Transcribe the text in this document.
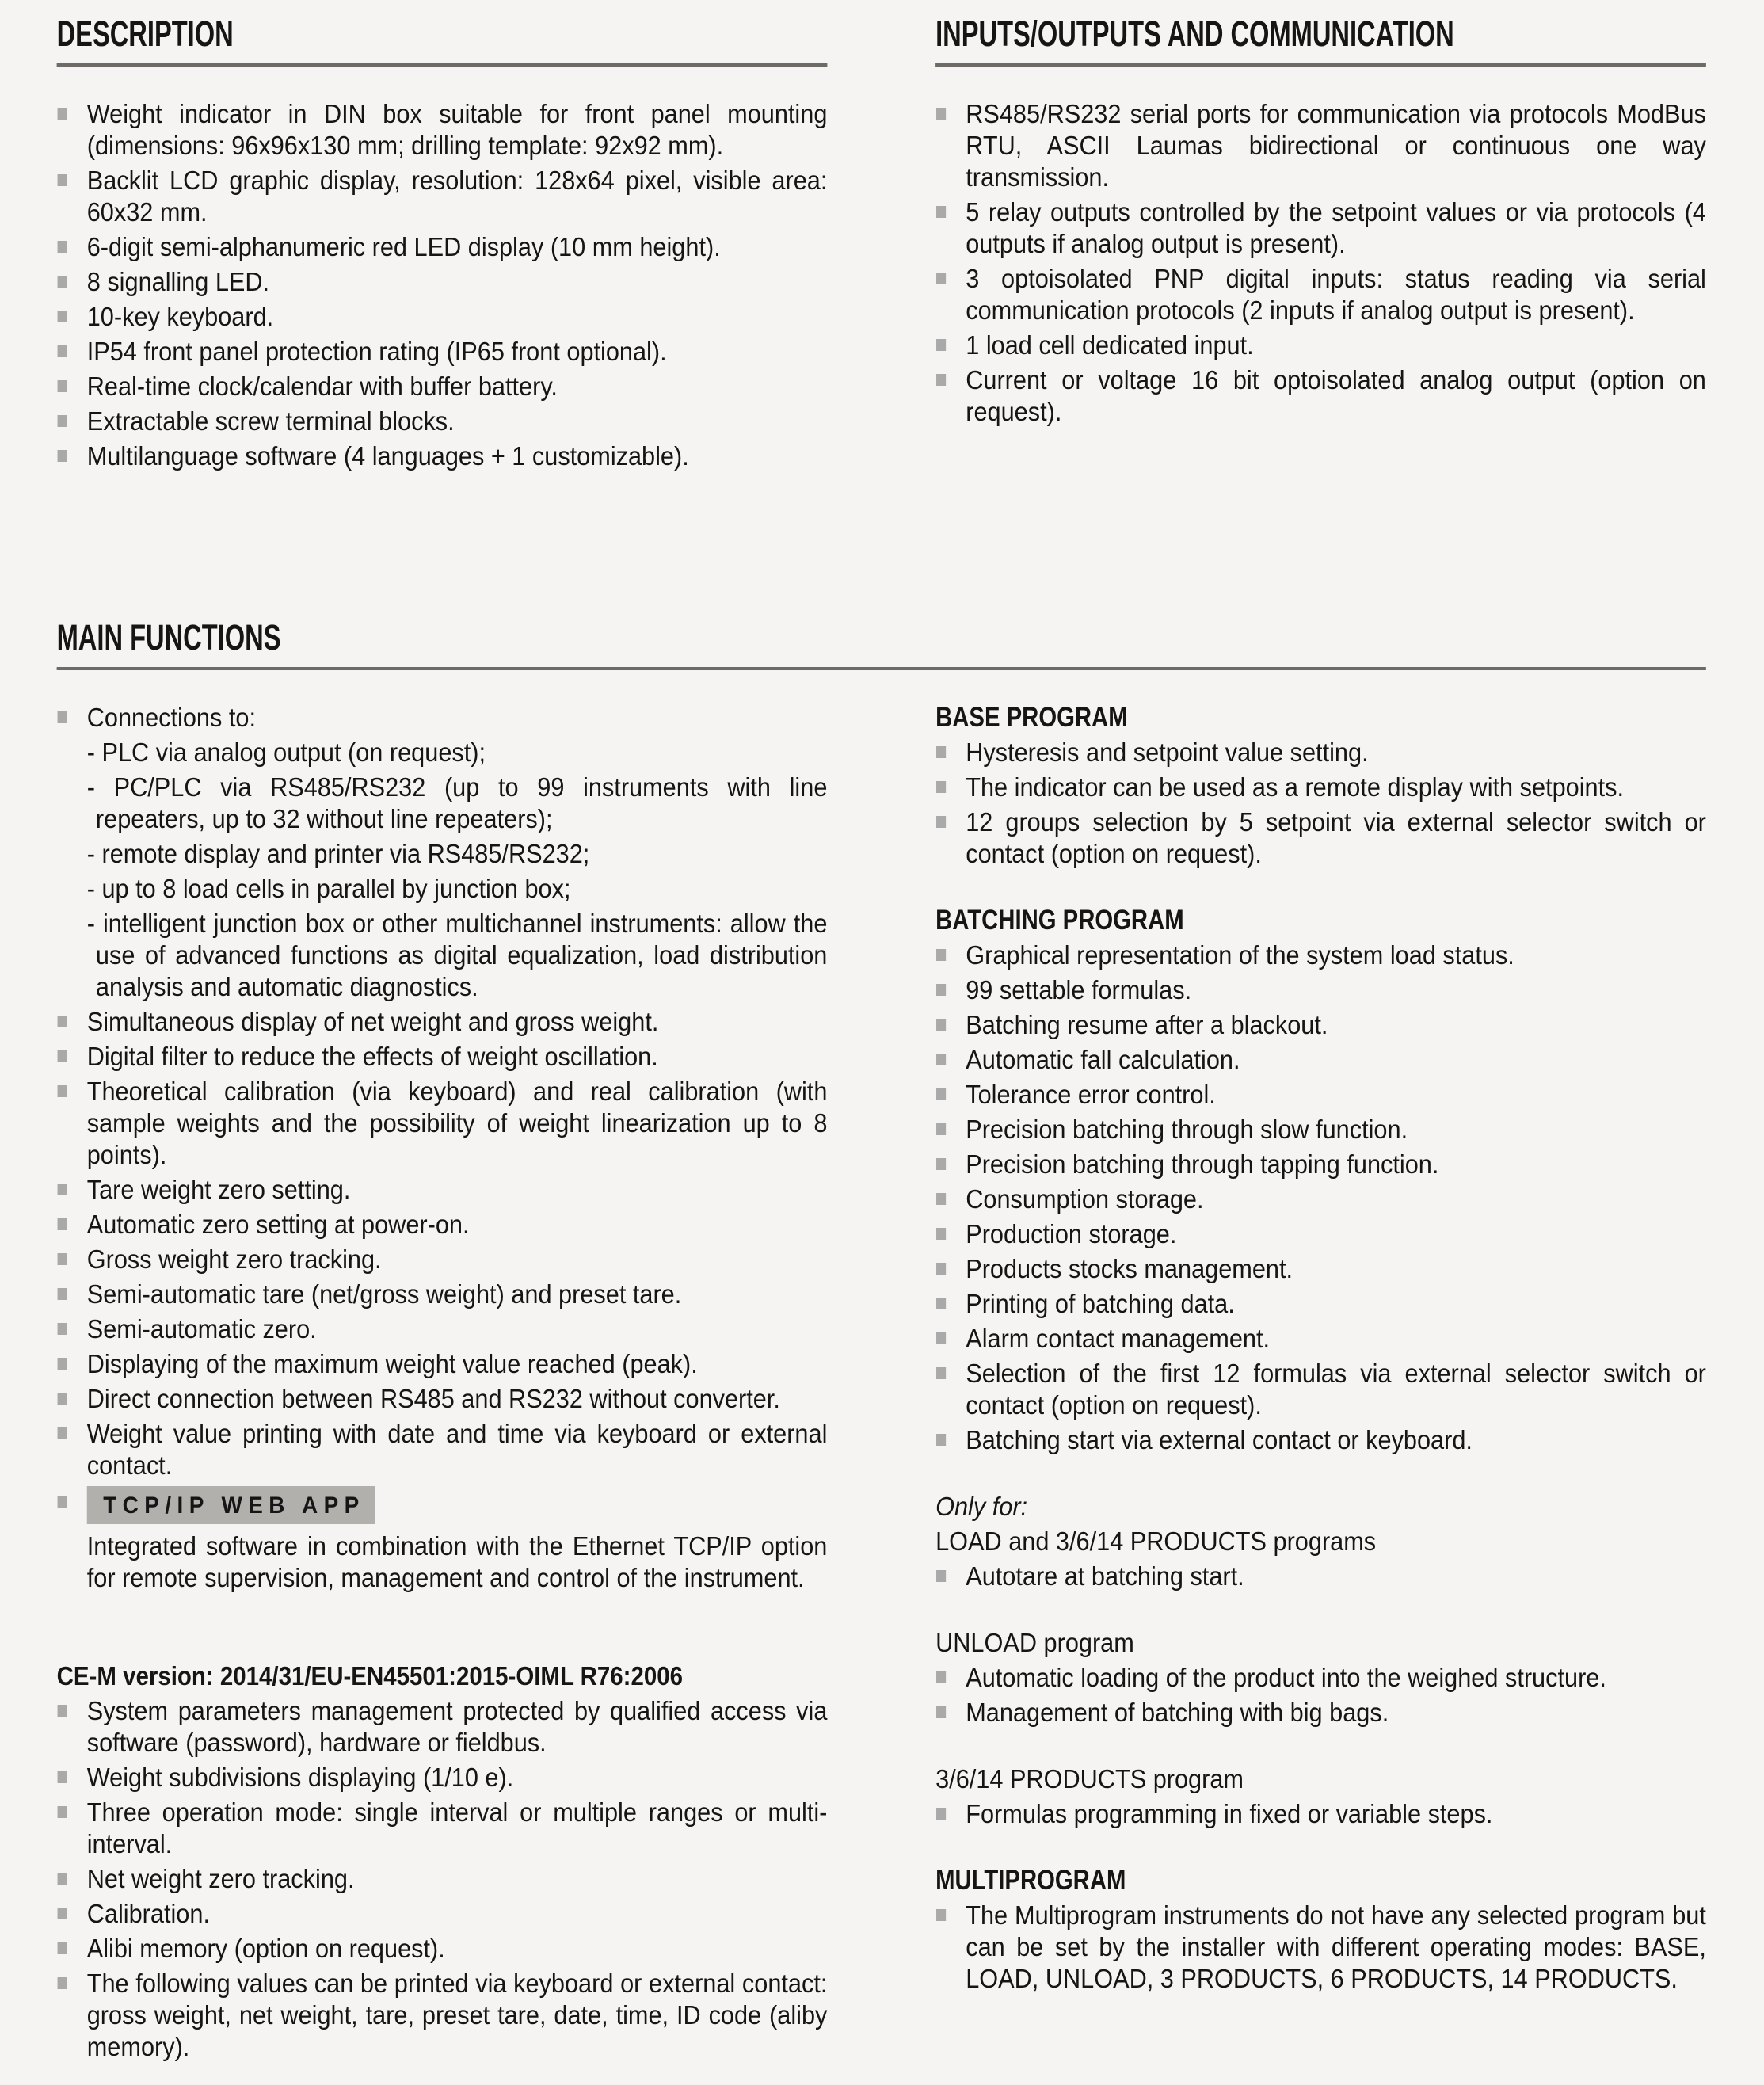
DESCRIPTION
Weight indicator in DIN box suitable for front panel mounting (dimensions: 96x96x130 mm; drilling template: 92x92 mm).
Backlit LCD graphic display, resolution: 128x64 pixel, visible area: 60x32 mm.
6-digit semi-alphanumeric red LED display (10 mm height).
8 signalling LED.
10-key keyboard.
IP54 front panel protection rating (IP65 front optional).
Real-time clock/calendar with buffer battery.
Extractable screw terminal blocks.
Multilanguage software (4 languages + 1 customizable).
INPUTS/OUTPUTS AND COMMUNICATION
RS485/RS232 serial ports for communication via protocols ModBus RTU, ASCII Laumas bidirectional or continuous one way transmission.
5 relay outputs controlled by the setpoint values or via protocols (4 outputs if analog output is present).
3 optoisolated PNP digital inputs: status reading via serial communication protocols (2 inputs if analog output is present).
1 load cell dedicated input.
Current or voltage 16 bit optoisolated analog output (option on request).
MAIN FUNCTIONS
Connections to:
- PLC via analog output (on request);
- PC/PLC via RS485/RS232 (up to 99 instruments with line repeaters, up to 32 without line repeaters);
- remote display and printer via RS485/RS232;
- up to 8 load cells in parallel by junction box;
- intelligent junction box or other multichannel instruments: allow the use of advanced functions as digital equalization, load distribution analysis and automatic diagnostics.
Simultaneous display of net weight and gross weight.
Digital filter to reduce the effects of weight oscillation.
Theoretical calibration (via keyboard) and real calibration (with sample weights and the possibility of weight linearization up to 8 points).
Tare weight zero setting.
Automatic zero setting at power-on.
Gross weight zero tracking.
Semi-automatic tare (net/gross weight) and preset tare.
Semi-automatic zero.
Displaying of the maximum weight value reached (peak).
Direct connection between RS485 and RS232 without converter.
Weight value printing with date and time via keyboard or external contact.
TCP/IP WEB APP
Integrated software in combination with the Ethernet TCP/IP option for remote supervision, management and control of the instrument.
CE-M version: 2014/31/EU-EN45501:2015-OIML R76:2006
System parameters management protected by qualified access via software (password), hardware or fieldbus.
Weight subdivisions displaying (1/10 e).
Three operation mode: single interval or multiple ranges or multi-interval.
Net weight zero tracking.
Calibration.
Alibi memory (option on request).
The following values can be printed via keyboard or external contact: gross weight, net weight, tare, preset tare, date, time, ID code (aliby memory).
BASE PROGRAM
Hysteresis and setpoint value setting.
The indicator can be used as a remote display with setpoints.
12 groups selection by 5 setpoint via external selector switch or contact (option on request).
BATCHING PROGRAM
Graphical representation of the system load status.
99 settable formulas.
Batching resume after a blackout.
Automatic fall calculation.
Tolerance error control.
Precision batching through slow function.
Precision batching through tapping function.
Consumption storage.
Production storage.
Products stocks management.
Printing of batching data.
Alarm contact management.
Selection of the first 12 formulas via external selector switch or contact (option on request).
Batching start via external contact or keyboard.
Only for:
LOAD and 3/6/14 PRODUCTS programs
Autotare at batching start.
UNLOAD program
Automatic loading of the product into the weighed structure.
Management of batching with big bags.
3/6/14 PRODUCTS program
Formulas programming in fixed or variable steps.
MULTIPROGRAM
The Multiprogram instruments do not have any selected program but can be set by the installer with different operating modes: BASE, LOAD, UNLOAD, 3 PRODUCTS, 6 PRODUCTS, 14 PRODUCTS.
